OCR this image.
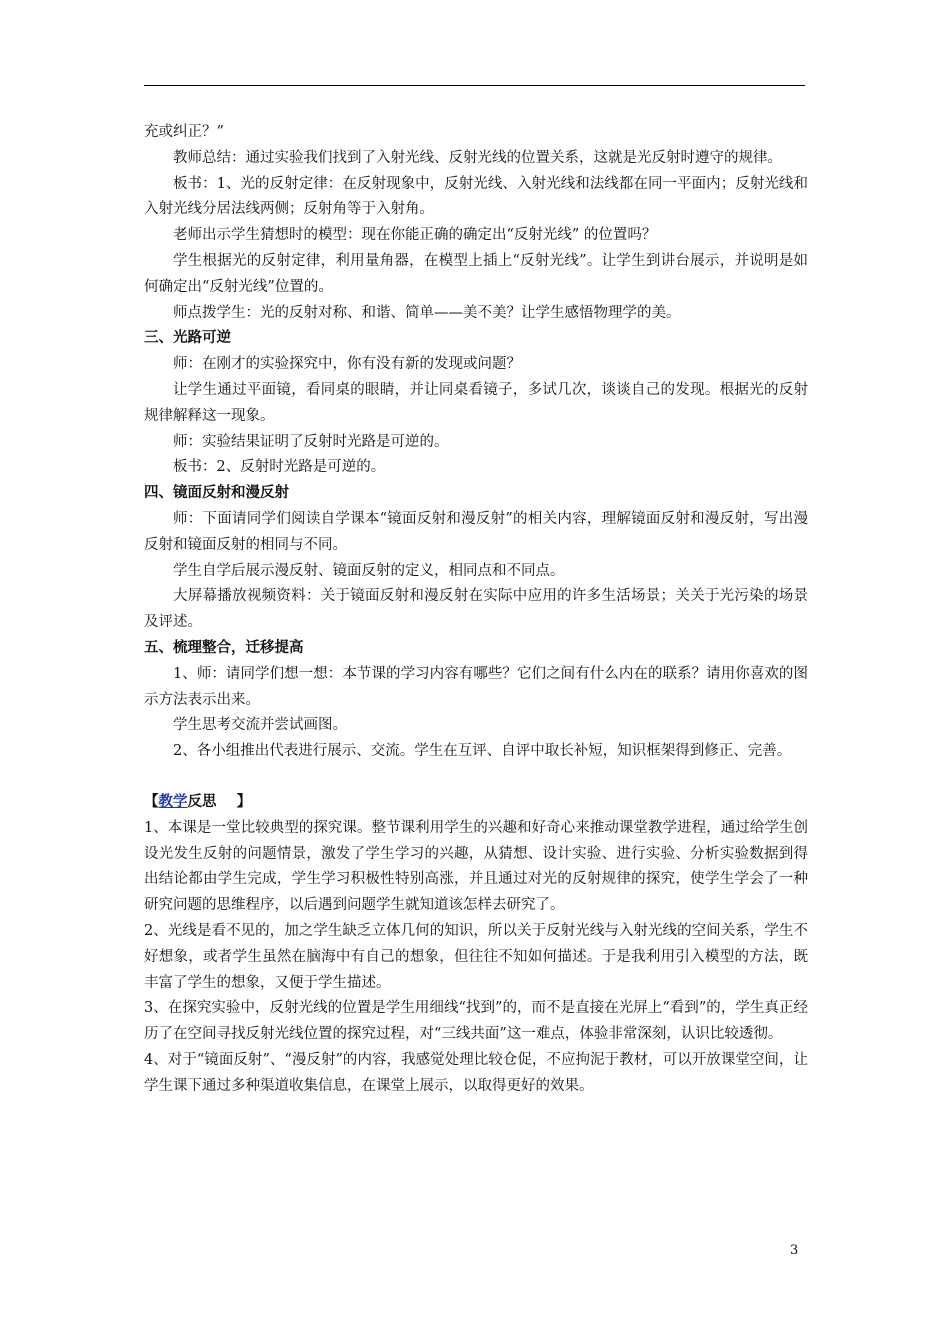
充或纠正？”

教师总结：通过实验我们找到了入射光线、反射光线的位置关系，这就是光反射时遵守的规律。

板书：1、光的反射定律：在反射现象中，反射光线、入射光线和法线都在同一平面内；反射光线和入射光线分居法线两侧；反射角等于入射角。

老师出示学生猜想时的模型：现在你能正确的确定出“反射光线” 的位置吗？

学生根据光的反射定律，利用量角器，在模型上插上“反射光线”。让学生到讲台展示，并说明是如何确定出“反射光线”位置的。

师点拨学生：光的反射对称、和谐、简单——美不美？让学生感悟物理学的美。

三、光路可逆

师：在刚才的实验探究中，你有没有新的发现或问题？

让学生通过平面镜，看同桌的眼睛，并让同桌看镜子，多试几次，谈谈自己的发现。根据光的反射规律解释这一现象。

师：实验结果证明了反射时光路是可逆的。

板书：2、反射时光路是可逆的。

四、镜面反射和漫反射

师：下面请同学们阅读自学课本“镜面反射和漫反射”的相关内容，理解镜面反射和漫反射，写出漫反射和镜面反射的相同与不同。

学生自学后展示漫反射、镜面反射的定义，相同点和不同点。

大屏幕播放视频资料：关于镜面反射和漫反射在实际中应用的许多生活场景；关关于光污染的场景及评述。

五、梳理整合，迁移提高

1、师：请同学们想一想：本节课的学习内容有哪些？它们之间有什么内在的联系？请用你喜欢的图示方法表示出来。

学生思考交流并尝试画图。

2、各小组推出代表进行展示、交流。学生在互评、自评中取长补短，知识框架得到修正、完善。

【教学反思 】

1、本课是一堂比较典型的探究课。整节课利用学生的兴趣和好奇心来推动课堂教学进程，通过给学生创设光发生反射的问题情景，激发了学生学习的兴趣，从猜想、设计实验、进行实验、分析实验数据到得出结论都由学生完成，学生学习积极性特别高涨，并且通过对光的反射规律的探究，使学生学会了一种研究问题的思维程序，以后遇到问题学生就知道该怎样去研究了。

2、光线是看不见的，加之学生缺乏立体几何的知识，所以关于反射光线与入射光线的空间关系，学生不好想象，或者学生虽然在脑海中有自己的想象，但往往不知如何描述。于是我利用引入模型的方法，既丰富了学生的想象，又便于学生描述。

3、在探究实验中，反射光线的位置是学生用细线“找到”的，而不是直接在光屏上“看到”的，学生真正经历了在空间寻找反射光线位置的探究过程，对“三线共面”这一难点，体验非常深刻，认识比较透彻。

4、对于“镜面反射”、“漫反射”的内容，我感觉处理比较仓促，不应拘泥于教材，可以开放课堂空间，让学生课下通过多种渠道收集信息，在课堂上展示，以取得更好的效果。

3
